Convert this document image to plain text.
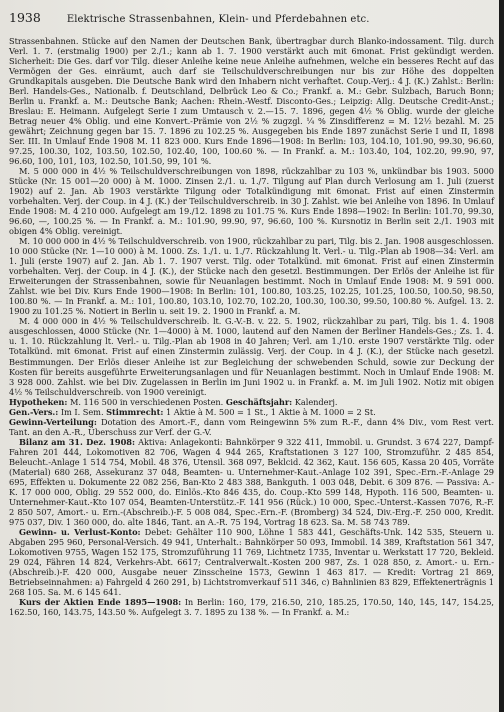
1938	Elektrische Strassenbahnen, Klein- und Pferdebahnen etc.

Strassenbahnen. Stücke auf den Namen der Deutschen Bank, übertragbar durch Blanko-indossament. Tilg. durch Verl. 1. 7. (erstmalig 1900) per 2./1.; kann ab 1. 7. 1900 verstärkt auch mit 6monat. Frist gekündigt werden. Sicherheit: Die Ges. darf vor Tilg. dieser Anleihe keine neue Anleihe aufnehmen, welche ein besseres Recht auf das Vermögen der Ges. einräumt, auch darf sie Teilschuldverschreibungen nur bis zur Höhe des doppelten Grundkapitals ausgeben. Die Deutsche Bank wird den Inhabern nicht verhaftet. Coup.-Verj.: 4 J. (K.) Zahlst.: Berlin: Berl. Handels-Ges., Nationalb. f. Deutschland, Delbrück Leo & Co.; Frankf. a. M.: Gebr. Sulzbach, Baruch Bonn; Berlin u. Frankf. a. M.: Deutsche Bank; Aachen: Rhein.-Westf. Disconto-Ges.; Leipzig: Allg. Deutsche Credit-Anst.; Breslau: E. Heimann. Aufgelegt Serie I zum Umtausch v. 2.—15. 7. 1896, gegen 4½ % Oblig. wurde der gleiche Betrag neuer 4% Oblig. und eine Konvert.-Prämie von 2½ % zugzgl. ¼ % Zinsdifferenz = M. 12½ bezahl. M. 25 gewährt; Zeichnung gegen bar 15. 7. 1896 zu 102.25 %. Ausgegeben bis Ende 1897 zunächst Serie I und II, 1898 Ser. III. In Umlauf Ende 1908 M. 11 823 000. Kurs Ende 1896—1908: In Berlin: 103, 104.10, 101.90, 99.30, 96.60, 97.25, 100.30, 102, 103.50, 102.50, 102.40, 100, 100.60 %. — In Frankf. a. M.: 103.40, 104, 102.20, 99.90, 97, 96.60, 100, 101, 103, 102.50, 101.50, 99, 101 %.

M. 5 000 000 in 4½ % Teilschuldverschreibungen von 1898, rückzahlbar zu 103 %, unkündbar bis 1903. 5000 Stücke (Nr. 15 001—20 000) à M. 1000. Zinsen 2./1. u. 1./7. Tilgung auf Plan durch Verlosung am 1. Juli (zuerst 1902) auf 2. Jan. Ab 1903 verstärkte Tilgung oder Totalkündigung mit 6monat. Frist auf einen Zinstermin vorbehalten. Verj. der Coup. in 4 J. (K.) der Teilschuldverschreib. in 30 J. Zahlst. wie bei Anleihe von 1896. In Umlauf Ende 1908: M. 4 210 000. Aufgelegt am 19./12. 1898 zu 101.75 %. Kurs Ende 1898—1902: In Berlin: 101.70, 99.30, 96.60, —, 100.25 %. — In Frankf. a. M.: 101.90, 99.90, 97, 96.60, 100 %. Kursnotiz in Berlin seit 2./1. 1903 mit obigen 4% Oblig. vereinigt.

M. 10 000 000 in 4½ % Teilschuldverschreib. von 1900, rückzahlbar zu pari, Tilg. bis 2. Jan. 1908 ausgeschlossen. 10 000 Stücke (Nr. 1—10 000) à M. 1000. Zs. 1./1. u. 1./7. Rückzahlung lt. Verl.- u. Tilg.-Plan ab 1908—34: Verl. am 1. Juli (erste 1907) auf 2. Jan. Ab 1. 7. 1907 verst. Tilg. oder Totalkünd. mit 6monat. Frist auf einen Zinstermin vorbehalten. Verj. der Coup. in 4 J. (K.), der Stücke nach den gesetzl. Bestimmungen. Der Erlös der Anleihe ist für Erweiterungen der Strassenbahnen, sowie für Neuanlagen bestimmt. Noch in Umlauf Ende 1908: M. 9 591 000. Zahlst. wie bei Div. Kurs Ende 1900—1908: In Berlin: 101, 100.80, 103.25, 102.25, 101.25, 100.50, 100.50, 98.50, 100.80 %. — In Frankf. a. M.: 101, 100.80, 103.10, 102.70, 102.20, 100.30, 100.30, 99.50, 100.80 %. Aufgel. 13. 2. 1900 zu 101.25 %. Notiert in Berlin u. seit 19. 2. 1900 in Frankf. a. M.

M. 4 000 000 in 4½ % Teilschuldverschreib. lt. G.-V.-B. v. 22. 5. 1902, rückzahlbar zu pari, Tilg. bis 1. 4. 1908 ausgeschlossen, 4000 Stücke (Nr. 1—4000) à M. 1000, lautend auf den Namen der Berliner Handels-Ges.; Zs. 1. 4. u. 1. 10. Rückzahlung lt. Verl.- u. Tilg.-Plan ab 1908 in 40 Jahren; Verl. am 1./10. erste 1907 verstärkte Tilg. oder Totalkünd. mit 6monat. Frist auf einen Zinstermin zulässig. Verj. der Coup. in 4 J. (K.), der Stücke nach gesetzl. Bestimmungen. Der Erlös dieser Anleihe ist zur Begleichung der schwebenden Schuld, sowie zur Deckung der Kosten für bereits ausgeführte Erweiterungsanlagen und für Neuanlagen bestimmt. Noch in Umlauf Ende 1908: M. 3 928 000. Zahlst. wie bei Div. Zugelassen in Berlin im Juni 1902 u. in Frankf. a. M. im Juli 1902. Notiz mit obigen 4½ % Teilschuldverschreib. von 1900 vereinigt.

Hypotheken: M. 116 500 in verschiedenen Posten. Geschäftsjahr: Kalenderj.

Gen.-Vers.: Im I. Sem. Stimmrecht: 1 Aktie à M. 500 = 1 St., 1 Aktie à M. 1000 = 2 St.

Gewinn-Verteilung: Dotation des Amort.-F., dann vom Reingewinn 5% zum R.-F., dann 4% Div., vom Rest vert. Tant. an den A.-R., Überschuss zur Verf. der G.-V.

Bilanz am 31. Dez. 1908: Aktiva: Anlagekonti: Bahnkörper 9 322 411, Immobil. u. Grundst. 3 674 227, Dampf-Fahren 201 444, Lokomotiven 82 706, Wagen 4 944 265, Kraftstationen 3 127 100, Stromzuführ. 2 485 854, Beleucht.-Anlage 1 514 754, Mobil. 48 376, Utensil. 368 097, Beklcid. 42 362, Kaut. 156 605, Kassa 20 405, Vorräte (Material) 680 268, Assekuranz 37 048, Beamten- u. Unternehmer-Kaut.-Anlage 102 391, Spec.-Ern.-F.-Anlage 29 695, Effekten u. Dokumente 22 082 256, Ban-Kto 2 483 388, Bankguth. 1 003 048, Debit. 6 309 876. — Passiva: A.-K. 17 000 000, Oblig. 29 552 000, do. Einlös.-Kto 846 435, do. Coup.-Kto 599 148, Hypoth. 116 500, Beamten- u. Unternehmer-Kaut.-Kto 107 054, Beamten-Unterstütz.-F. 141 956 (Rück.) 10 000, Spec.-Unterst.-Kassen 7076, R.-F. 2 850 507, Amort.- u. Ern.-(Abschreib.)-F. 5 008 084, Spec.-Ern.-F. (Bromberg) 34 524, Div.-Erg.-F. 250 000, Kredit. 975 037, Div. 1 360 000, do. alte 1846, Tant. an A.-R. 75 194, Vortrag 18 623. Sa. M. 58 743 789.

Gewinn- u. Verlust-Konto: Debet: Gehälter 110 900, Löhne 1 583 441, Geschäfts-Unk. 142 535, Steuern u. Abgaben 295 960, Personal-Versich. 49 941, Unterhalt.: Bahnkörper 50 093, Immobil. 14 389, Kraftstation 561 347, Lokomotiven 9755, Wagen 152 175, Stromzuführung 11 769, Lichtnetz 1735, Inventar u. Werkstatt 17 720, Bekleid. 29 024, Fähren 14 824, Verkehrs-Abt. 6617; Centralverwalt.-Kosten 200 987, Zs. 1 028 850, z. Amort.- u. Ern.-(Abschreib.)-F. 420 000, Ausgabe neuer Zinsscheine 1573, Gewinn 1 463 817. — Kredit: Vortrag 21 869, Betriebseinnahmen: a) Fahrgeld 4 260 291, b) Lichtstromverkauf 511 346, c) Bahnlinien 83 829, Effektenerträgnis 1 268 105. Sa. M. 6 145 641.

Kurs der Aktien Ende 1895—1908: In Berlin: 160, 179, 216.50, 210, 185.25, 170.50, 140, 145, 147, 154.25, 162.50, 160, 143.75, 143.50 %. Aufgelegt 3. 7. 1895 zu 138 %. — In Frankf. a. M.:
